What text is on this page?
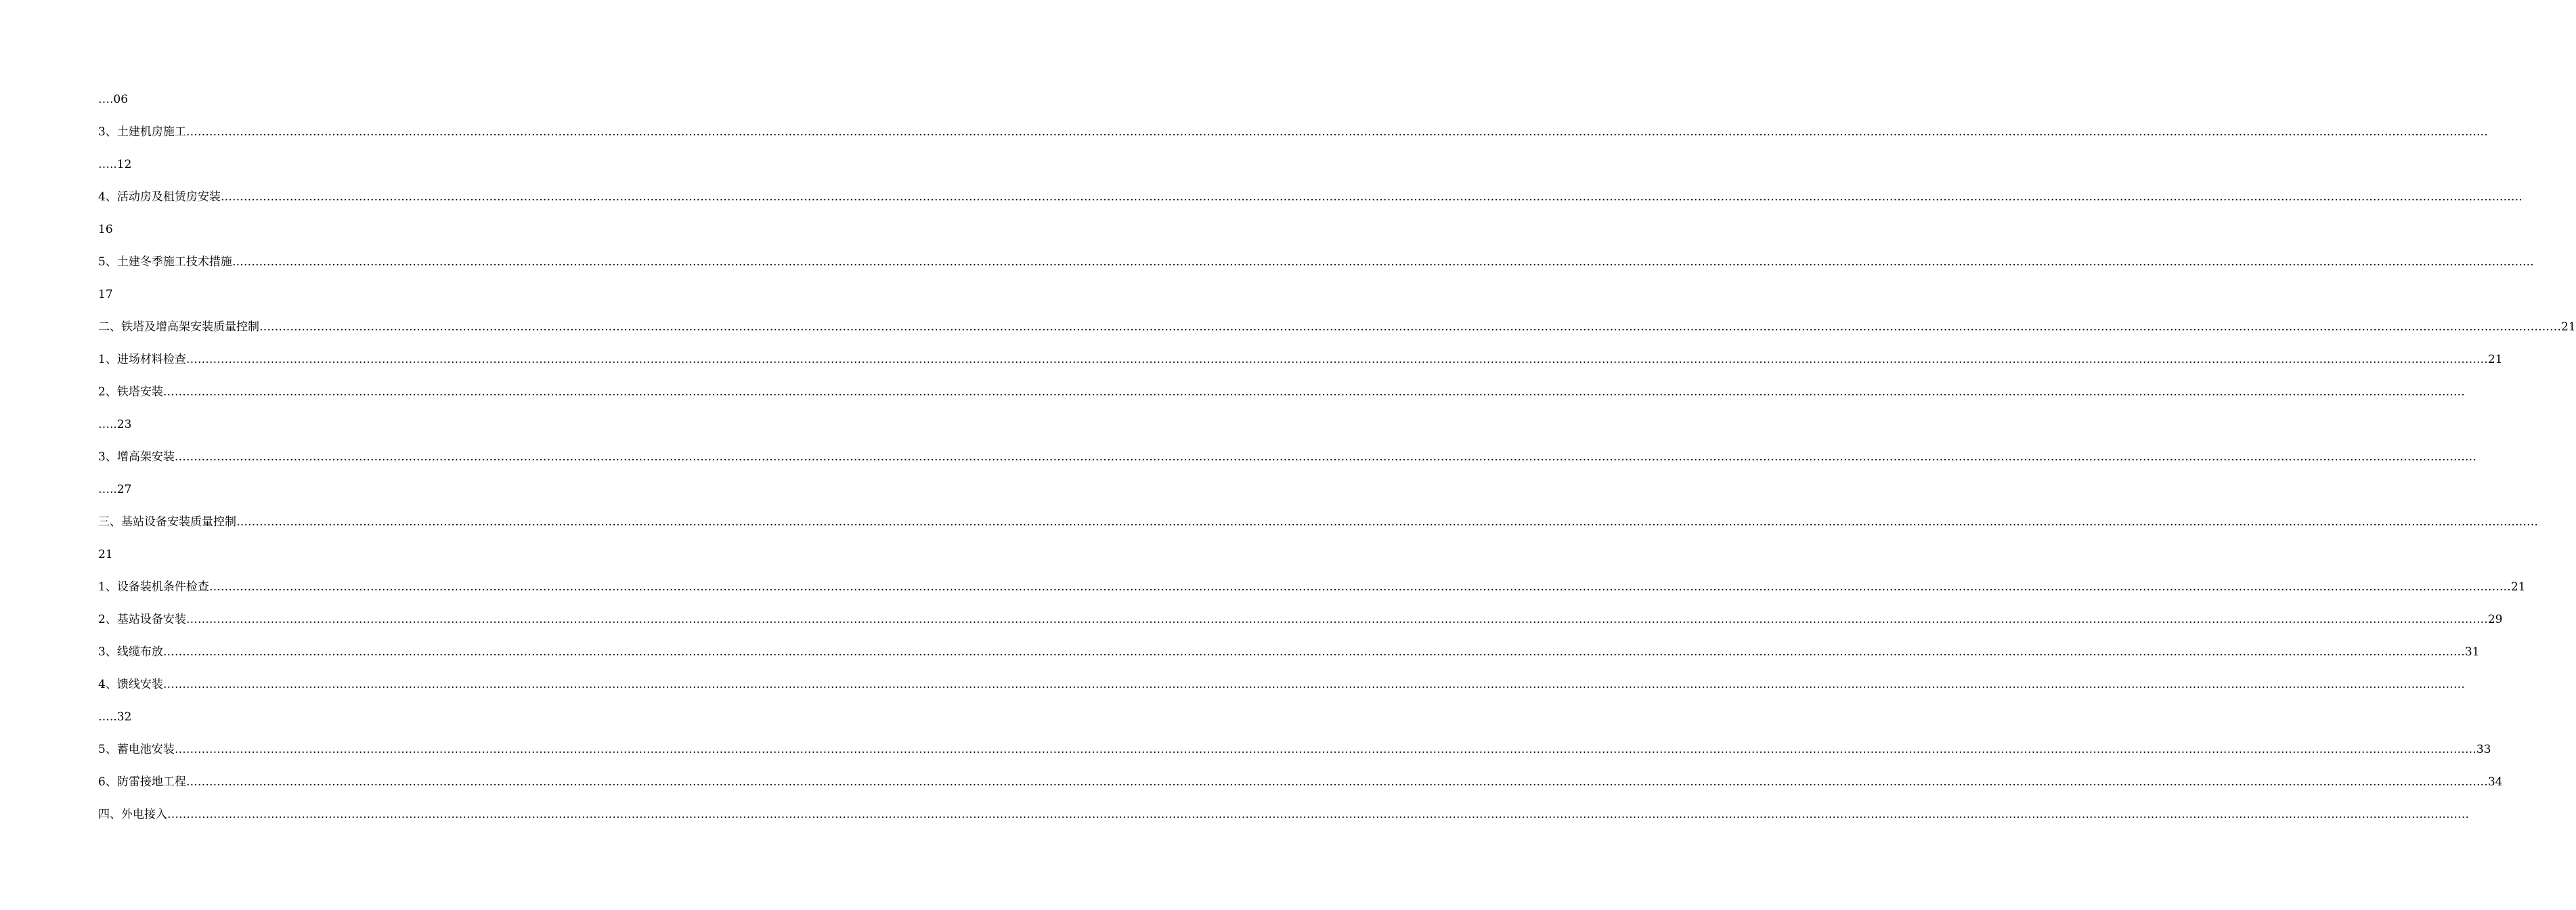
….06
3、土建机房施工 ……………………………………………………………………………………………………………………………………………………………………………………………………………………………………………………………………………………………………………………………………………………………………………………………………………………………………………………………………………………………………………………………………………………
…..12
4、活动房及租赁房安装 ……………………………………………………………………………………………………………………………………………………………………………………………………………………………………………………………………………………………………………………………………………………………………………………………………………………………………………………………………………………………………………………………………………………
16
5、土建冬季施工技术措施 ……………………………………………………………………………………………………………………………………………………………………………………………………………………………………………………………………………………………………………………………………………………………………………………………………………………………………………………………………………………………………………………………………………………
17
二、铁塔及增高架安装质量控制 …………………………………………………………………………………………………………………………………………………………………………………………………………………………………………………………………………………………………………………………………………………………………………………………………………………………………………………………………………………………………………………………………………………… 21
1、进场材料检查 …………………………………………………………………………………………………………………………………………………………………………………………………………………………………………………………………………………………………………………………………………………………………………………………………………………………………………………………………………………………………………………………………………………… 21
2、铁塔安装 ……………………………………………………………………………………………………………………………………………………………………………………………………………………………………………………………………………………………………………………………………………………………………………………………………………………………………………………………………………………………………………………………………………………
…..23
3、增高架安装 ……………………………………………………………………………………………………………………………………………………………………………………………………………………………………………………………………………………………………………………………………………………………………………………………………………………………………………………………………………………………………………………………………………………
…..27
三、基站设备安装质量控制 ……………………………………………………………………………………………………………………………………………………………………………………………………………………………………………………………………………………………………………………………………………………………………………………………………………………………………………………………………………………………………………………………………………………
21
1、设备装机条件检查 …………………………………………………………………………………………………………………………………………………………………………………………………………………………………………………………………………………………………………………………………………………………………………………………………………………………………………………………………………………………………………………………………………………… 21
2、基站设备安装 …………………………………………………………………………………………………………………………………………………………………………………………………………………………………………………………………………………………………………………………………………………………………………………………………………………………………………………………………………………………………………………………………………………… 29
3、线缆布放 …………………………………………………………………………………………………………………………………………………………………………………………………………………………………………………………………………………………………………………………………………………………………………………………………………………………………………………………………………………………………………………………………………………… 31
4、馈线安装 ……………………………………………………………………………………………………………………………………………………………………………………………………………………………………………………………………………………………………………………………………………………………………………………………………………………………………………………………………………………………………………………………………………………
…..32
5、蓄电池安装 …………………………………………………………………………………………………………………………………………………………………………………………………………………………………………………………………………………………………………………………………………………………………………………………………………………………………………………………………………………………………………………………………………………… 33
6、防雷接地工程 …………………………………………………………………………………………………………………………………………………………………………………………………………………………………………………………………………………………………………………………………………………………………………………………………………………………………………………………………………………………………………………………………………………… 34
四、外电接入 ……………………………………………………………………………………………………………………………………………………………………………………………………………………………………………………………………………………………………………………………………………………………………………………………………………………………………………………………………………………………………………………………………………………
